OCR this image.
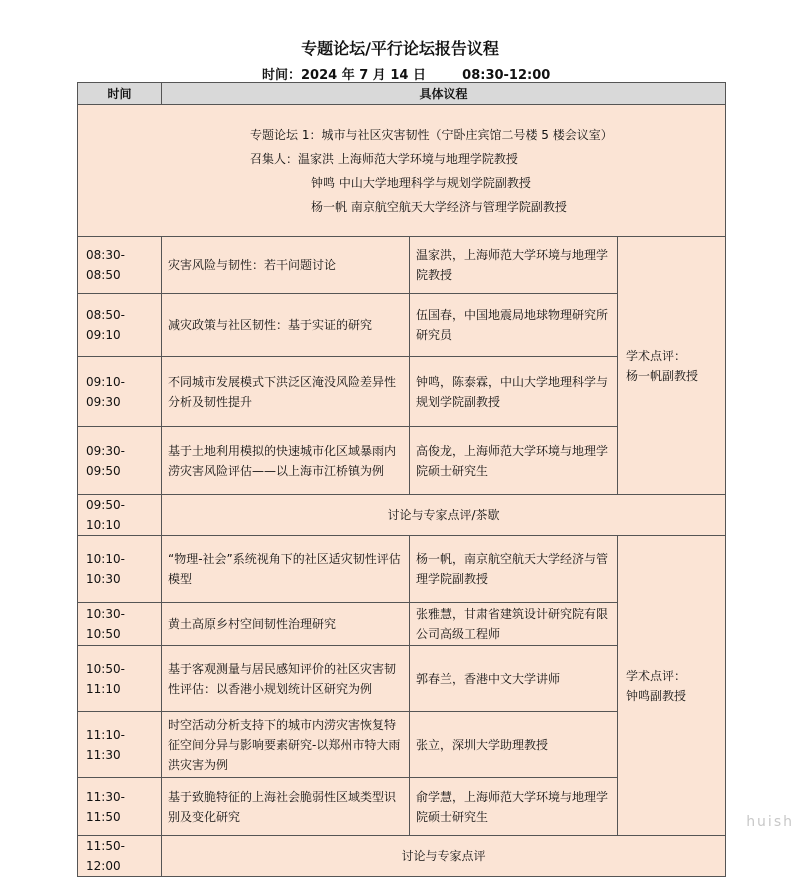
专题论坛/平行论坛报告议程
时间：2024 年 7 月 14 日        08:30-12:00
时间	具体议程		

专题论坛 1：城市与社区灾害韧性（宁卧庄宾馆二号楼 5 楼会议室）
召集人：温家洪 上海师范大学环境与地理学院教授
钟鸣 中山大学地理科学与规划学院副教授
杨一帆 南京航空航天大学经济与管理学院副教授			

08:30-08:50	灾害风险与韧性：若干问题讨论	温家洪，上海师范大学环境与地理学院教授	学术点评：
杨一帆副教授

08:50-09:10	减灾政策与社区韧性：基于实证的研究	伍国春，中国地震局地球物理研究所研究员	
09:10-09:30	不同城市发展模式下洪泛区淹没风险差异性分析及韧性提升	钟鸣，陈泰霖，中山大学地理科学与规划学院副教授	
09:30-09:50	基于土地利用模拟的快速城市化区域暴雨内涝灾害风险评估——以上海市江桥镇为例	高俊龙，上海师范大学环境与地理学院硕士研究生	
09:50-10:10	讨论与专家点评/茶歇		
10:10-10:30	“物理-社会”系统视角下的社区适灾韧性评估模型	杨一帆，南京航空航天大学经济与管理学院副教授	学术点评：
钟鸣副教授

10:30-10:50	黄土高原乡村空间韧性治理研究	张雅慧，甘肃省建筑设计研究院有限公司高级工程师	
10:50-11:10	基于客观测量与居民感知评价的社区灾害韧性评估：以香港小规划统计区研究为例	郭春兰，香港中文大学讲师	
11:10-11:30	时空活动分析支持下的城市内涝灾害恢复特征空间分异与影响要素研究-以郑州市特大雨洪灾害为例	张立，深圳大学助理教授	
11:30-11:50	基于致脆特征的上海社会脆弱性区域类型识别及变化研究	俞学慧，上海师范大学环境与地理学院硕士研究生	
11:50-12:00	讨论与专家点评		
huish
